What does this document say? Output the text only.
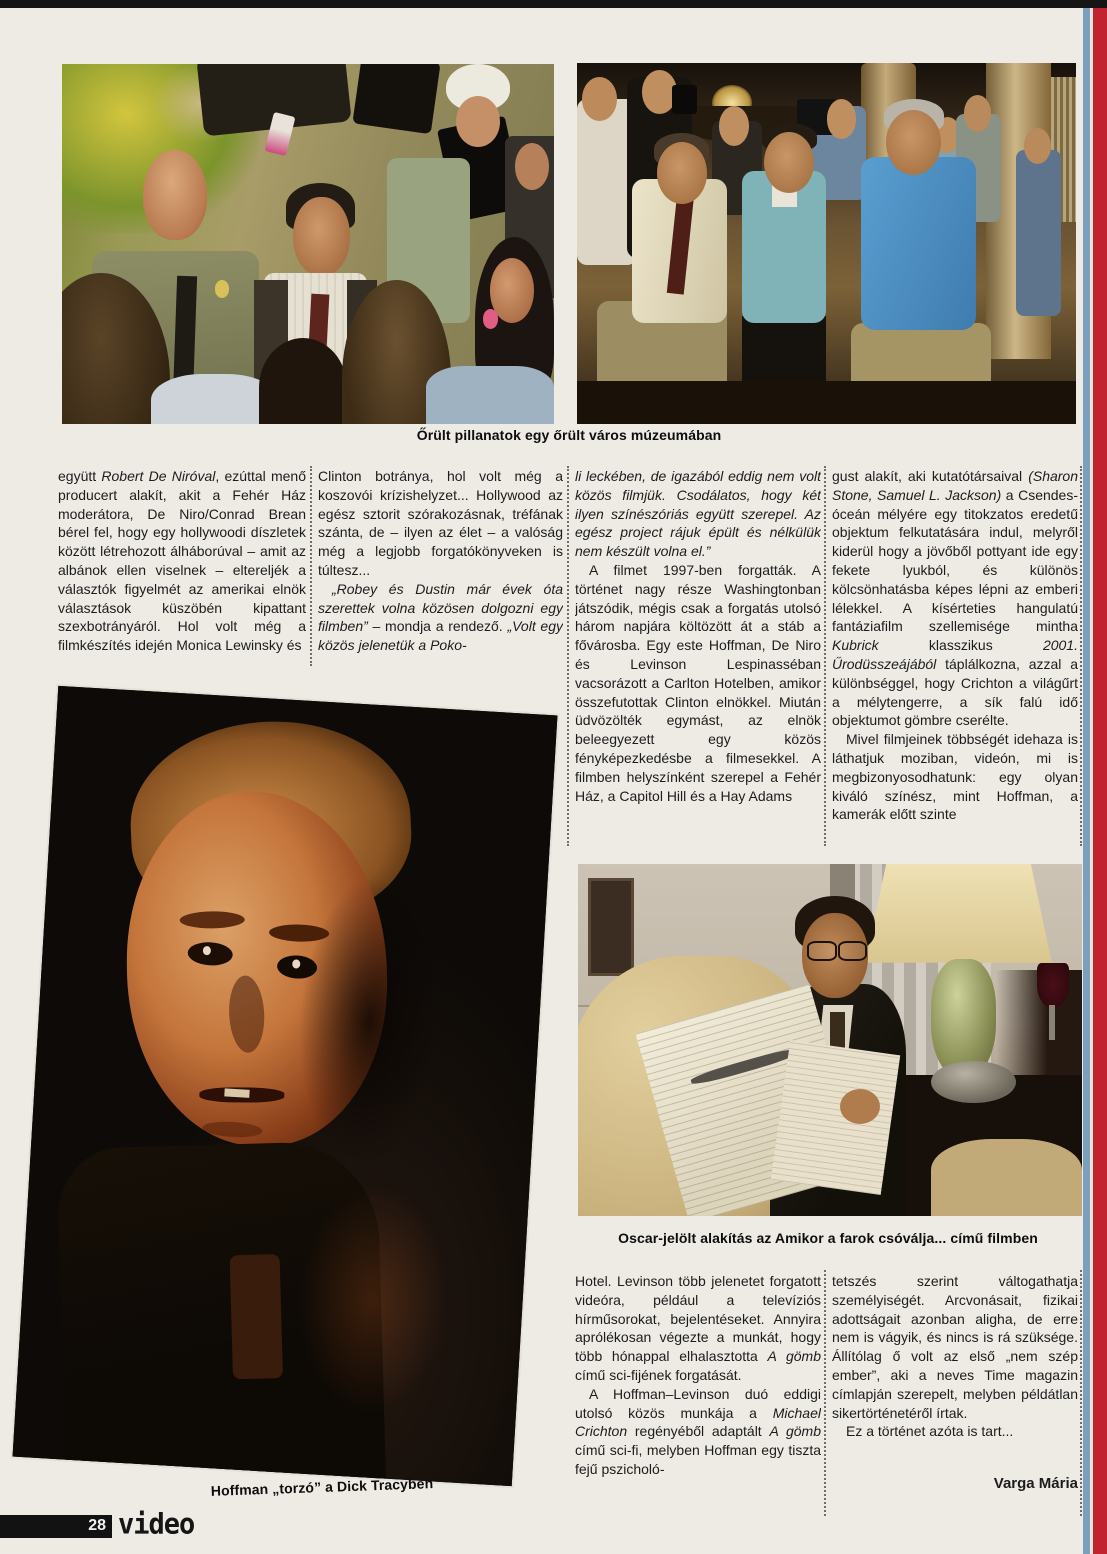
Őrült pillanatok egy őrült város múzeumában

együtt Robert De Niróval, ezúttal menő producert alakít, akit a Fehér Ház moderátora, De Niro/Conrad Brean bérel fel, hogy egy hollywoodi díszletek között létrehozott álháborúval – amit az albánok ellen viselnek – eltereljék a választók figyelmét az amerikai elnök választások küszöbén kipattant szexbotrányáról. Hol volt még a filmkészítés idején Monica Lewinsky és

Clinton botránya, hol volt még a koszovói krízishelyzet... Hollywood az egész sztorit szórakozásnak, tréfának szánta, de – ilyen az élet – a valóság még a legjobb forgatókönyveken is túltesz...

„Robey és Dustin már évek óta szerettek volna közösen dolgozni egy filmben” – mondja a rendező. „Volt egy közös jelenetük a Poko-

li leckében, de igazából eddig nem volt közös filmjük. Csodálatos, hogy két ilyen színészóriás együtt szerepel. Az egész project rájuk épült és nélkülük nem készült volna el.”

A filmet 1997-ben forgatták. A történet nagy része Washingtonban játszódik, mégis csak a forgatás utolsó három napjára költözött át a stáb a fővárosba. Egy este Hoffman, De Niro és Levinson Lespinasséban vacsorázott a Carlton Hotelben, amikor összefutottak Clinton elnökkel. Miután üdvözölték egymást, az elnök beleegyezett egy közös fényképezkedésbe a filmesekkel. A filmben helyszínként szerepel a Fehér Ház, a Capitol Hill és a Hay Adams

gust alakít, aki kutatótársaival (Sharon Stone, Samuel L. Jackson) a Csendes-óceán mélyére egy titokzatos eredetű objektum felkutatására indul, melyről kiderül hogy a jövőből pottyant ide egy fekete lyukból, és különös kölcsönhatásba képes lépni az emberi lélekkel. A kísérteties hangulatú fantáziafilm szellemisége mintha Kubrick klasszikus 2001. Űrodüsszeájából táplálkozna, azzal a különbséggel, hogy Crichton a világűrt a mélytengerre, a sík falú idő objektumot gömbre cserélte.

Mivel filmjeinek többségét idehaza is láthatjuk moziban, videón, mi is megbizonyosodhatunk: egy olyan kiváló színész, mint Hoffman, a kamerák előtt szinte

Hoffman „torzó” a Dick Tracyben
Oscar-jelölt alakítás az Amikor a farok csóválja... című filmben

Hotel. Levinson több jelenetet forgatott videóra, például a televíziós hírműsorokat, bejelentéseket. Annyira aprólékosan végezte a munkát, hogy több hónappal elhalasztotta A gömb című sci-fijének forgatását.

A Hoffman–Levinson duó eddigi utolsó közös munkája a Michael Crichton regényéből adaptált A gömb című sci-fi, melyben Hoffman egy tiszta fejű pszicholó-

tetszés szerint váltogathatja személyiségét. Arcvonásait, fizikai adottságait azonban aligha, de erre nem is vágyik, és nincs is rá szüksége. Állítólag ő volt az első „nem szép ember”, aki a neves Time magazin címlapján szerepelt, melyben példátlan sikertörténetéről írtak.

Ez a történet azóta is tart...

Varga Mária
28 video
